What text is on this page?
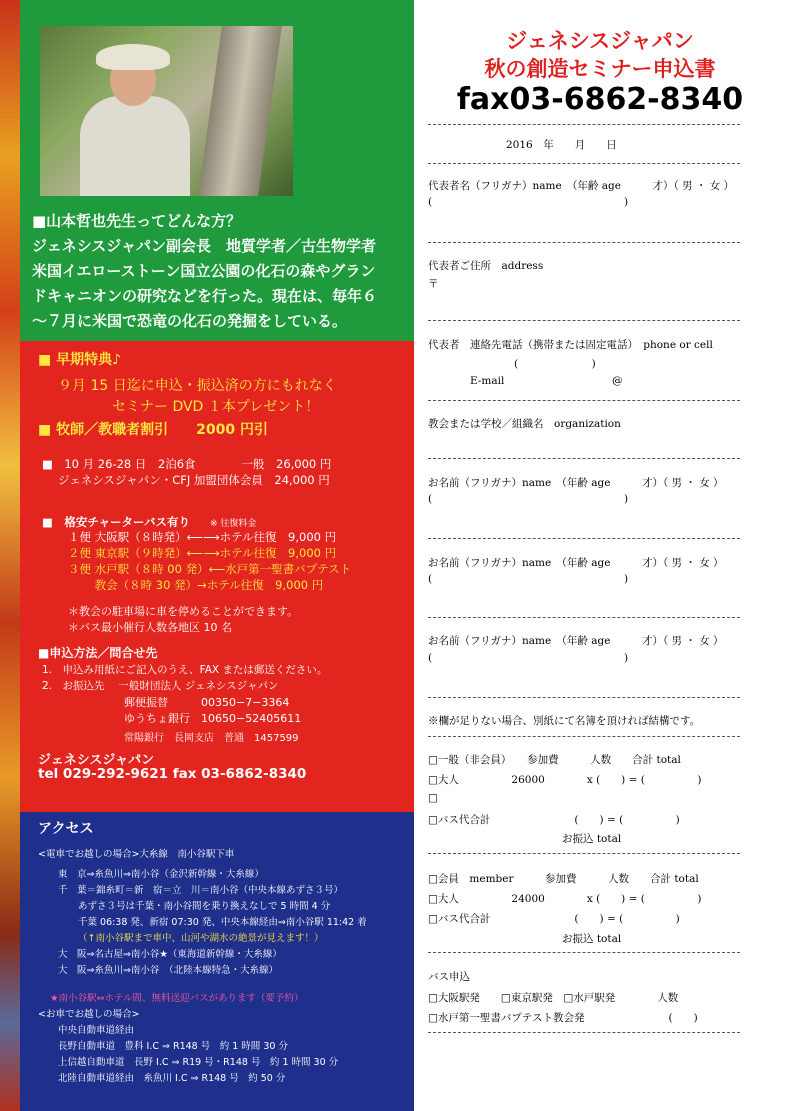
■山本哲也先生ってどんな方？
ジェネシスジャパン副会長　地質学者／古生物学者
米国イエローストーン国立公園の化石の森やグラン
ドキャニオンの研究などを行った。現在は、毎年６
～７月に米国で恐竜の化石の発掘をしている。
■ 早期特典♪
９月 15 日迄に申込・振込済の方にもれなく
セミナー DVD １本プレゼント！
■ 牧師／教職者割引　　2000 円引
■　10 月 26-28 日　2泊6食　　　　一般　26,000 円
ジェネシスジャパン・CFJ 加盟団体会員　24,000 円
■　格安チャーターバス有り ※ 往復料金
１便 大阪駅（８時発）⟵⟶ホテル往復　9,000 円
２便 東京駅（９時発）⟵⟶ホテル往復　9,000 円
３便 水戸駅（８時 00 発）⟵水戸第一聖書バプテスト
　　 教会（８時 30 発）→ホテル往復　9,000 円
＊教会の駐車場に車を停めることができます。
＊バス最小催行人数各地区 10 名
■申込方法／問合せ先
1.　申込み用紙にご記入のうえ、FAX または郵送ください。
2.　お振込先　 一般財団法人 ジェネシスジャパン
郵便振替　　　00350−7−3364
ゆうちょ銀行　10650−52405611
常陽銀行　長岡支店　普通　1457599
ジェネシスジャパン
tel 029-292-9621 fax 03-6862-8340
アクセス
<電車でお越しの場合>大糸線　南小谷駅下車
東　京⇒糸魚川⇒南小谷（金沢新幹線・大糸線）
千　葉＝錦糸町＝新　宿＝立　川＝南小谷（中央本線あずさ３号）
あずさ３号は千葉・南小谷間を乗り換えなしで 5 時間 4 分
千葉 06:38 発、新宿 07:30 発、中央本線経由⇒南小谷駅 11:42 着
（↑南小谷駅まで車中、山河や湖水の絶景が見えます！）
大　阪⇒名古屋⇒南小谷★（東海道新幹線・大糸線）
大　阪⇒糸魚川⇒南小谷　（北陸本線特急・大糸線）
★南小谷駅⇔ホテル間、無料送迎バスがあります（要予約）
<お車でお越しの場合>
中央自動車道経由
長野自動車道　豊科 I.C ⇒ R148 号　約 1 時間 30 分
上信越自動車道　長野 I.C ⇒ R19 号・R148 号　約 1 時間 30 分
北陸自動車道経由　糸魚川 I.C ⇒ R148 号　約 50 分
ジェネシスジャパン
秋の創造セミナー申込書
fax03-6862-8340
2016　年　　月　　日
代表者名（フリガナ）name　（年齢 age　　　才）（ 男 ・ 女 ）
(	)
代表者ご住所　address
〒
代表者　連絡先電話（携帯または固定電話）　phone or cell
(　　　　　　　)
E-mail	@
教会または学校／組織名　organization
お名前（フリガナ）name　（年齢 age　　　才）（ 男 ・ 女 ）
(	)
お名前（フリガナ）name　（年齢 age　　　才）（ 男 ・ 女 ）
(	)
お名前（フリガナ）name　（年齢 age　　　才）（ 男 ・ 女 ）
(	)
※欄が足りない場合、別紙にて名簿を頂ければ結構です。
□一般（非会員）　　参加費　　　人数　　合計 total
□大人　　　　　26000　　　　x (　　) = (　　　　　)
□
□バス代合計　　　　　　　　(　　) = (　　　　　)
お振込 total
□会員　member　　　参加費　　　人数　　合計 total
□大人　　　　　24000　　　　x (　　) = (　　　　　)
□バス代合計　　　　　　　　(　　) = (　　　　　)
お振込 total
バス申込
□大阪駅発　　□東京駅発　□水戸駅発　　　　人数
□水戸第一聖書バプテスト教会発　　　　　　　　(　　)
